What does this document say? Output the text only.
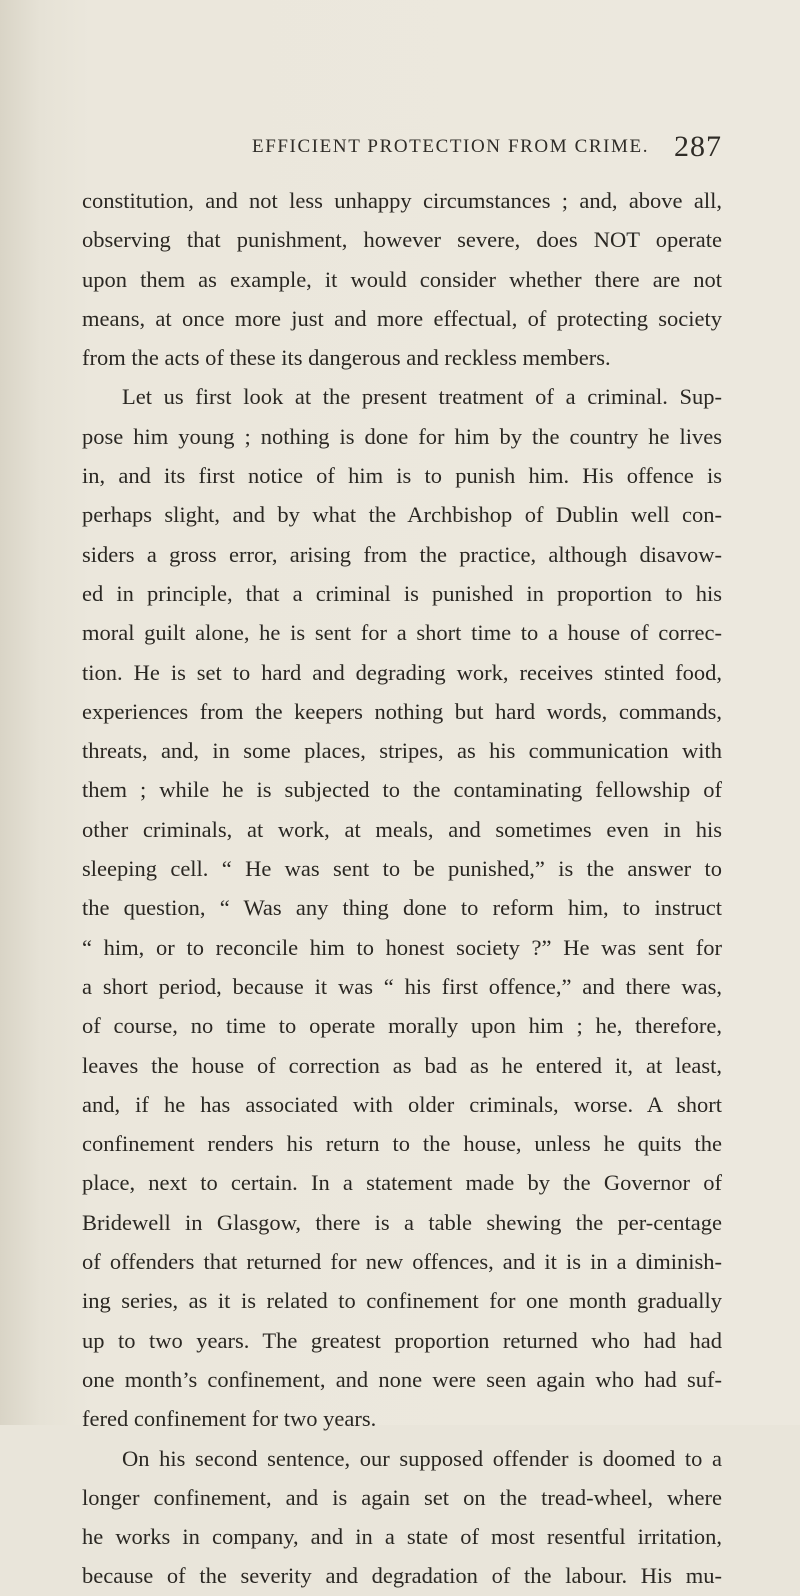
EFFICIENT PROTECTION FROM CRIME. 287
constitution, and not less unhappy circumstances ; and, above all,
observing that punishment, however severe, does NOT operate
upon them as example, it would consider whether there are not
means, at once more just and more effectual, of protecting society
from the acts of these its dangerous and reckless members.
Let us first look at the present treatment of a criminal. Sup-
pose him young ; nothing is done for him by the country he lives
in, and its first notice of him is to punish him. His offence is
perhaps slight, and by what the Archbishop of Dublin well con-
siders a gross error, arising from the practice, although disavow-
ed in principle, that a criminal is punished in proportion to his
moral guilt alone, he is sent for a short time to a house of correc-
tion. He is set to hard and degrading work, receives stinted food,
experiences from the keepers nothing but hard words, commands,
threats, and, in some places, stripes, as his communication with
them ; while he is subjected to the contaminating fellowship of
other criminals, at work, at meals, and sometimes even in his
sleeping cell. “ He was sent to be punished,” is the answer to
the question, “ Was any thing done to reform him, to instruct
“ him, or to reconcile him to honest society ?” He was sent for
a short period, because it was “ his first offence,” and there was,
of course, no time to operate morally upon him ; he, therefore,
leaves the house of correction as bad as he entered it, at least,
and, if he has associated with older criminals, worse. A short
confinement renders his return to the house, unless he quits the
place, next to certain. In a statement made by the Governor of
Bridewell in Glasgow, there is a table shewing the per-centage
of offenders that returned for new offences, and it is in a diminish-
ing series, as it is related to confinement for one month gradually
up to two years. The greatest proportion returned who had had
one month’s confinement, and none were seen again who had suf-
fered confinement for two years.
On his second sentence, our supposed offender is doomed to a
longer confinement, and is again set on the tread-wheel, where
he works in company, and in a state of most resentful irritation,
because of the severity and degradation of the labour. His mu-
